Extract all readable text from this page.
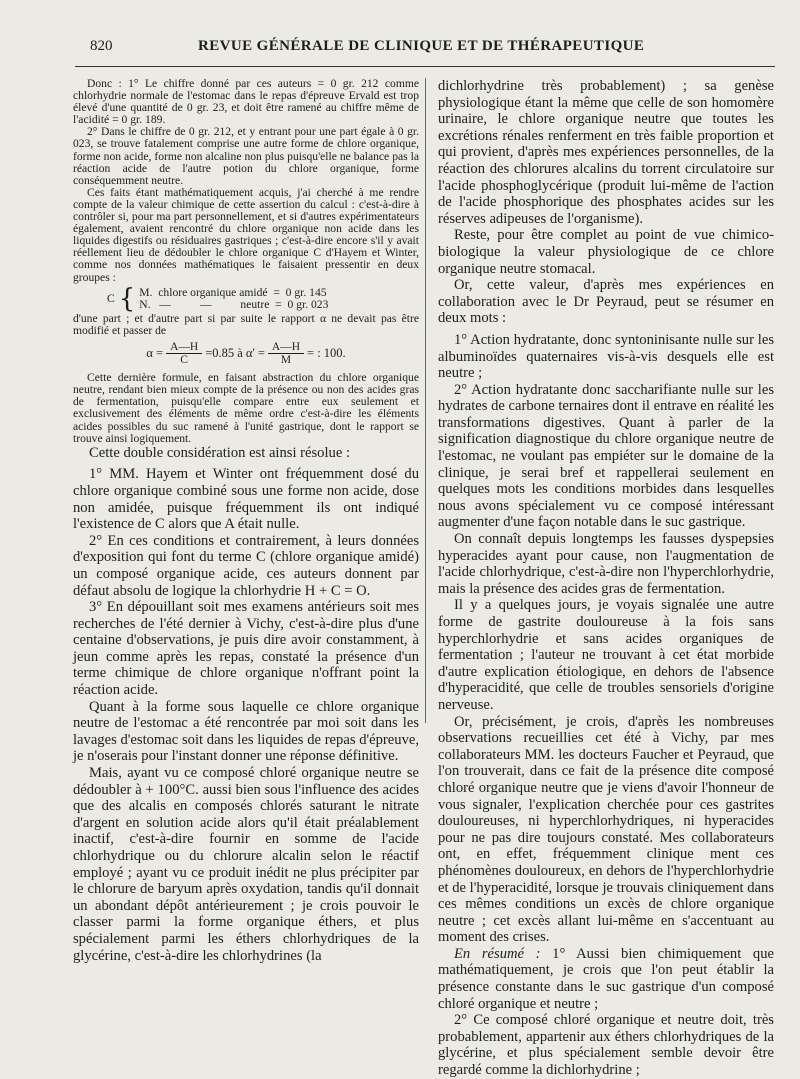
820	REVUE GÉNÉRALE DE CLINIQUE ET DE THÉRAPEUTIQUE

Donc : 1° Le chiffre donné par ces auteurs = 0 gr. 212 comme chlorhydrie normale de l'estomac dans le repas d'épreuve Ervald est trop élevé d'une quantité de 0 gr. 23, et doit être ramené au chiffre même de l'acidité = 0 gr. 189.

2° Dans le chiffre de 0 gr. 212, et y entrant pour une part égale à 0 gr. 023, se trouve fatalement comprise une autre forme de chlore organique, forme non acide, forme non alcaline non plus puisqu'elle ne balance pas la réaction acide de l'autre potion du chlore organique, forme conséquemment neutre.

Ces faits étant mathématiquement acquis, j'ai cherché à me rendre compte de la valeur chimique de cette assertion du calcul : c'est-à-dire à contrôler si, pour ma part personnellement, et si d'autres expérimentateurs également, avaient rencontré du chlore organique non acide dans les liquides digestifs ou résiduaires gastriques ; c'est-à-dire encore s'il y avait réellement lieu de dédoubler le chlore organique C d'Hayem et Winter, comme nos données mathématiques le faisaient pressentir en deux groupes :

C { M.  chlore organique amidé  =  0 gr. 145
N.   —          —          neutre  =  0 gr. 023

d'une part ; et d'autre part si par suite le rapport α ne devait pas être modifié et passer de

$\alpha = \frac{A—H}{C} =0.85$ à $\alpha' = \frac{A—H}{M}$ = : 100.

Cette dernière formule, en faisant abstraction du chlore organique neutre, rendant bien mieux compte de la présence ou non des acides gras de fermentation, puisqu'elle compare entre eux seulement et exclusivement des éléments de même ordre c'est-à-dire les éléments acides possibles du suc ramené à l'unité gastrique, dont le rapport se trouve ainsi logiquement.

Cette double considération est ainsi résolue :

1° MM. Hayem et Winter ont fréquemment dosé du chlore organique combiné sous une forme non acide, dose non amidée, puisque fréquemment ils ont indiqué l'existence de C alors que A était nulle.

2° En ces conditions et contrairement, à leurs données d'exposition qui font du terme C (chlore organique amidé) un composé organique acide, ces auteurs donnent par défaut absolu de logique la chlorhydrie H + C = O.

3° En dépouillant soit mes examens antérieurs soit mes recherches de l'été dernier à Vichy, c'est-à-dire plus d'une centaine d'observations, je puis dire avoir constamment, à jeun comme après les repas, constaté la présence d'un terme chimique de chlore organique n'offrant point la réaction acide.

Quant à la forme sous laquelle ce chlore organique neutre de l'estomac a été rencontrée par moi soit dans les lavages d'estomac soit dans les liquides de repas d'épreuve, je n'oserais pour l'instant donner une réponse définitive.

Mais, ayant vu ce composé chloré organique neutre se dédoubler à + 100°C. aussi bien sous l'influence des acides que des alcalis en composés chlorés saturant le nitrate d'argent en solution acide alors qu'il était préalablement inactif, c'est-à-dire fournir en somme de l'acide chlorhydrique ou du chlorure alcalin selon le réactif employé ; ayant vu ce produit inédit ne plus précipiter par le chlorure de baryum après oxydation, tandis qu'il donnait un abondant dépôt antérieurement ; je crois pouvoir le classer parmi la forme organique éthers, et plus spécialement parmi les éthers chlorhydriques de la glycérine, c'est-à-dire les chlorhydrines (la

dichlorhydrine très probablement) ; sa genèse physiologique étant la même que celle de son homomère urinaire, le chlore organique neutre que toutes les excrétions rénales renferment en très faible proportion et qui provient, d'après mes expériences personnelles, de la réaction des chlorures alcalins du torrent circulatoire sur l'acide phosphoglycérique (produit lui-même de l'action de l'acide phosphorique des phosphates acides sur les réserves adipeuses de l'organisme).

Reste, pour être complet au point de vue chimico-biologique la valeur physiologique de ce chlore organique neutre stomacal.

Or, cette valeur, d'après mes expériences en collaboration avec le Dr Peyraud, peut se résumer en deux mots :

1° Action hydratante, donc syntoninisante nulle sur les albuminoïdes quaternaires vis-à-vis desquels elle est neutre ;

2° Action hydratante donc saccharifiante nulle sur les hydrates de carbone ternaires dont il entrave en réalité les transformations digestives. Quant à parler de la signification diagnostique du chlore organique neutre de l'estomac, ne voulant pas empiéter sur le domaine de la clinique, je serai bref et rappellerai seulement en quelques mots les conditions morbides dans lesquelles nous avons spécialement vu ce composé intéressant augmenter d'une façon notable dans le suc gastrique.

On connaît depuis longtemps les fausses dyspepsies hyperacides ayant pour cause, non l'augmentation de l'acide chlorhydrique, c'est-à-dire non l'hyperchlorhydrie, mais la présence des acides gras de fermentation.

Il y a quelques jours, je voyais signalée une autre forme de gastrite douloureuse à la fois sans hyperchlorhydrie et sans acides organiques de fermentation ; l'auteur ne trouvant à cet état morbide d'autre explication étiologique, en dehors de l'absence d'hyperacidité, que celle de troubles sensoriels d'origine nerveuse.

Or, précisément, je crois, d'après les nombreuses observations recueillies cet été à Vichy, par mes collaborateurs MM. les docteurs Faucher et Peyraud, que l'on trouverait, dans ce fait de la présence dite composé chloré organique neutre que je viens d'avoir l'honneur de vous signaler, l'explication cherchée pour ces gastrites douloureuses, ni hyperchlorhydriques, ni hyperacides pour ne pas dire toujours constaté. Mes collaborateurs ont, en effet, fréquemment clinique ment ces phénomènes douloureux, en dehors de l'hyperchlorhydrie et de l'hyperacidité, lorsque je trouvais cliniquement dans ces mêmes conditions un excès de chlore organique neutre ; cet excès allant lui-même en s'accentuant au moment des crises.

En résumé : 1° Aussi bien chimiquement que mathématiquement, je crois que l'on peut établir la présence constante dans le suc gastrique d'un composé chloré organique et neutre ;

2° Ce composé chloré organique et neutre doit, très probablement, appartenir aux éthers chlorhydriques de la glycérine, et plus spécialement semble devoir être regardé comme la dichlorhydrine ;
